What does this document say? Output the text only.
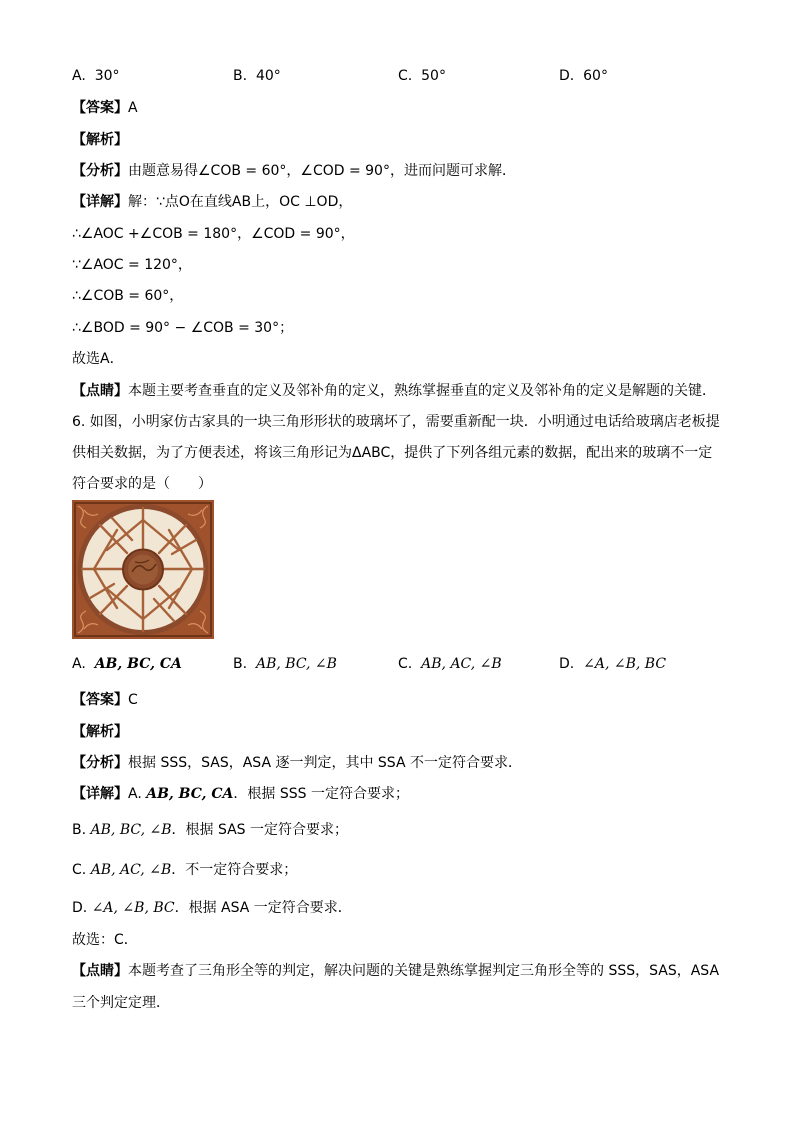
A. 30°	B. 40°	C. 50°	D. 60°
【答案】A
【解析】
【分析】由题意易得∠COB = 60°，∠COD = 90°，进而问题可求解．
【详解】解：∵点O在直线AB上，OC ⊥OD，
∴∠AOC +∠COB = 180°，∠COD = 90°，
∵∠AOC = 120°，
∴∠COB = 60°，
∴∠BOD = 90° − ∠COB = 30°；
故选A．
【点睛】本题主要考查垂直的定义及邻补角的定义，熟练掌握垂直的定义及邻补角的定义是解题的关键．
6. 如图，小明家仿古家具的一块三角形形状的玻璃坏了，需要重新配一块．小明通过电话给玻璃店老板提
供相关数据，为了方便表述，将该三角形记为ΔABC，提供了下列各组元素的数据，配出来的玻璃不一定
符合要求的是（　　）
A. AB, BC, CA	B. AB, BC, ∠B	C. AB, AC, ∠B	D. ∠A, ∠B, BC
【答案】C
【解析】
【分析】根据 SSS，SAS，ASA 逐一判定，其中 SSA 不一定符合要求．
【详解】A. AB, BC, CA．根据 SSS 一定符合要求；
B. AB, BC, ∠B．根据 SAS 一定符合要求；
C. AB, AC, ∠B．不一定符合要求；
D. ∠A, ∠B, BC．根据 ASA 一定符合要求．
故选：C．
【点睛】本题考查了三角形全等的判定，解决问题的关键是熟练掌握判定三角形全等的 SSS，SAS，ASA
三个判定定理．
